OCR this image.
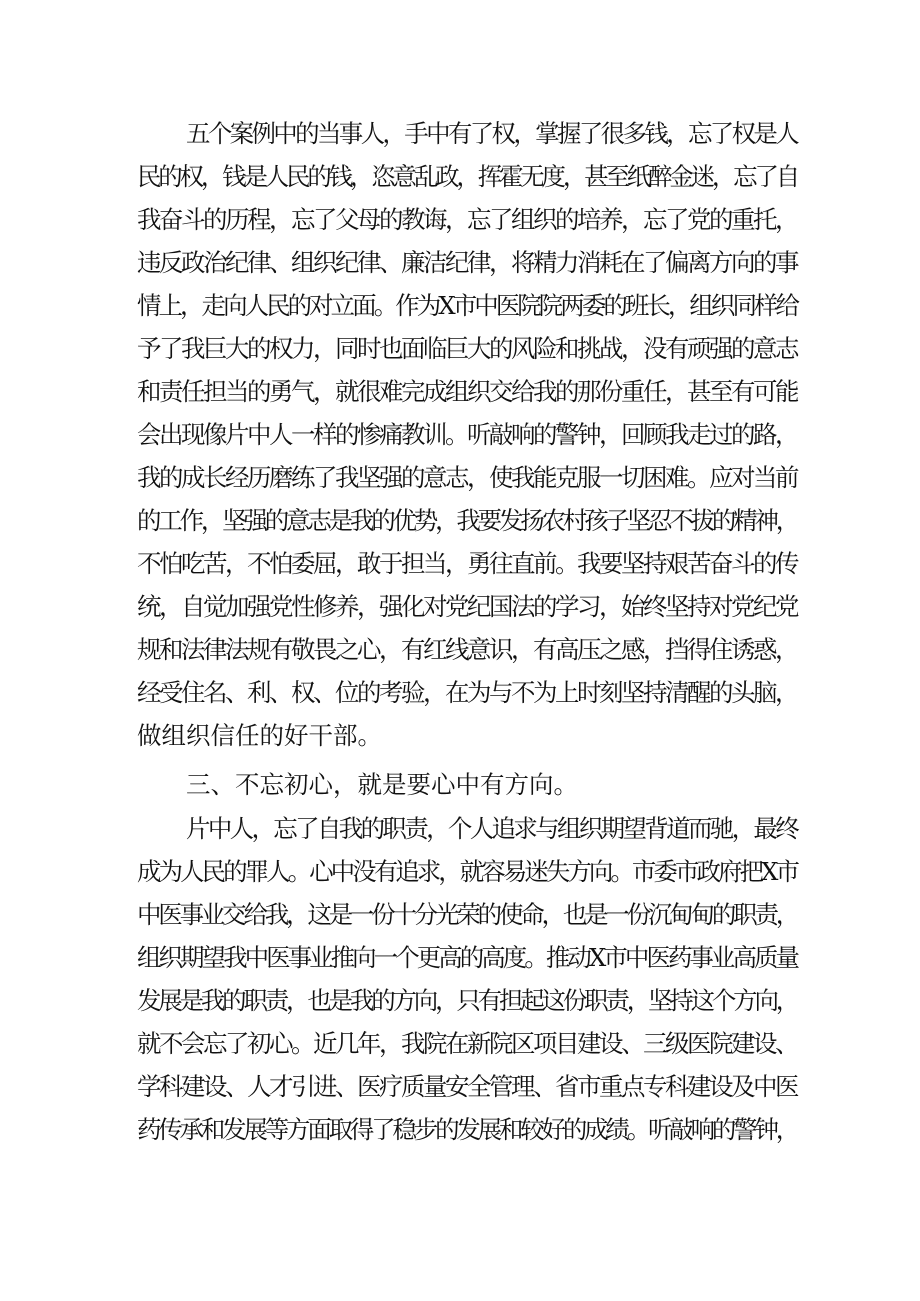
五个案例中的当事人，手中有了权，掌握了很多钱，忘了权是人
民的权，钱是人民的钱，恣意乱政，挥霍无度，甚至纸醉金迷，忘了自
我奋斗的历程，忘了父母的教诲，忘了组织的培养，忘了党的重托，
违反政治纪律、组织纪律、廉洁纪律，将精力消耗在了偏离方向的事
情上，走向人民的对立面。作为X市中医院院两委的班长，组织同样给
予了我巨大的权力，同时也面临巨大的风险和挑战，没有顽强的意志
和责任担当的勇气，就很难完成组织交给我的那份重任，甚至有可能
会出现像片中人一样的惨痛教训。听敲响的警钟，回顾我走过的路，
我的成长经历磨练了我坚强的意志，使我能克服一切困难。应对当前
的工作，坚强的意志是我的优势，我要发扬农村孩子坚忍不拔的精神，
不怕吃苦，不怕委屈，敢于担当，勇往直前。我要坚持艰苦奋斗的传
统，自觉加强党性修养，强化对党纪国法的学习，始终坚持对党纪党
规和法律法规有敬畏之心，有红线意识，有高压之感，挡得住诱惑，
经受住名、利、权、位的考验，在为与不为上时刻坚持清醒的头脑，
做组织信任的好干部。
三、不忘初心，就是要心中有方向。
片中人，忘了自我的职责，个人追求与组织期望背道而驰，最终
成为人民的罪人。心中没有追求，就容易迷失方向。市委市政府把X市
中医事业交给我，这是一份十分光荣的使命，也是一份沉甸甸的职责，
组织期望我中医事业推向一个更高的高度。推动X市中医药事业高质量
发展是我的职责，也是我的方向，只有担起这份职责，坚持这个方向，
就不会忘了初心。近几年，我院在新院区项目建设、三级医院建设、
学科建设、人才引进、医疗质量安全管理、省市重点专科建设及中医
药传承和发展等方面取得了稳步的发展和较好的成绩。听敲响的警钟，
